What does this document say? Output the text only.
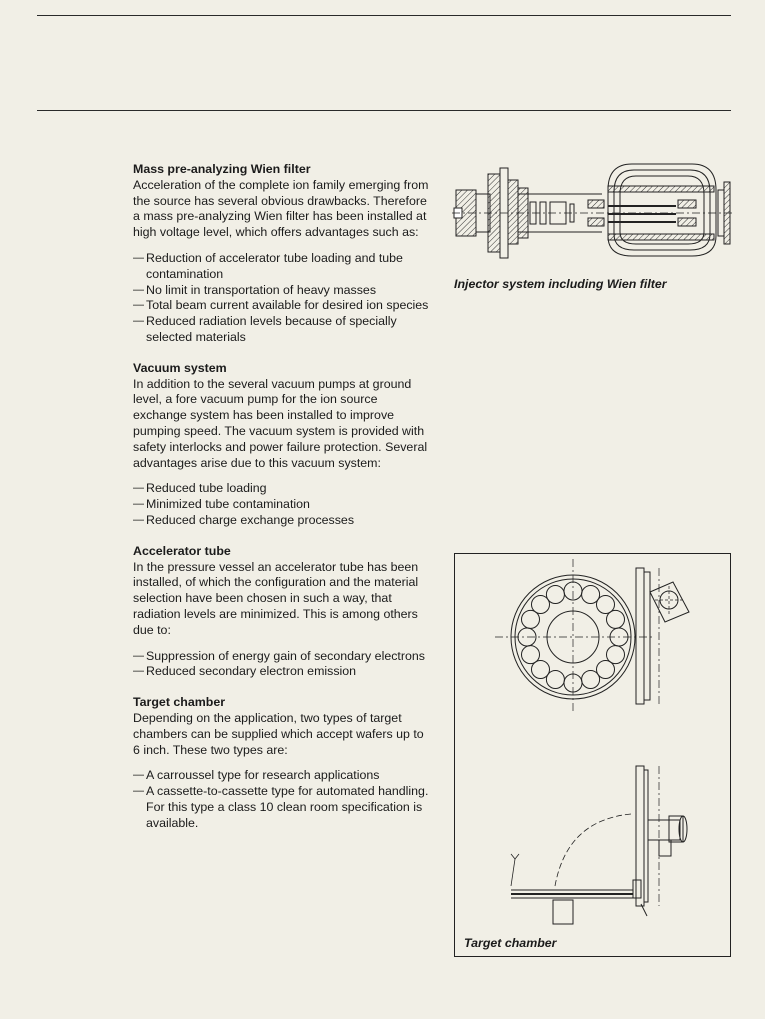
Mass pre-analyzing Wien filter

Acceleration of the complete ion family emerging from the source has several obvious drawbacks. Therefore a mass pre-analyzing Wien filter has been installed at high voltage level, which offers advantages such as:

— Reduction of accelerator tube loading and tube contamination
— No limit in transportation of heavy masses
— Total beam current available for desired ion species
— Reduced radiation levels because of specially selected materials
Vacuum system

In addition to the several vacuum pumps at ground level, a fore vacuum pump for the ion source exchange system has been installed to improve pumping speed. The vacuum system is provided with safety interlocks and power failure protection. Several advantages arise due to this vacuum system:

— Reduced tube loading
— Minimized tube contamination
— Reduced charge exchange processes
Accelerator tube

In the pressure vessel an accelerator tube has been installed, of which the configuration and the material selection have been chosen in such a way, that radiation levels are minimized. This is among others due to:

— Suppression of energy gain of secondary electrons
— Reduced secondary electron emission
Target chamber

Depending on the application, two types of target chambers can be supplied which accept wafers up to 6 inch. These two types are:

— A carroussel type for research applications
— A cassette-to-cassette type for automated handling. For this type a class 10 clean room specification is available.
Injector system including Wien filter
Target chamber
